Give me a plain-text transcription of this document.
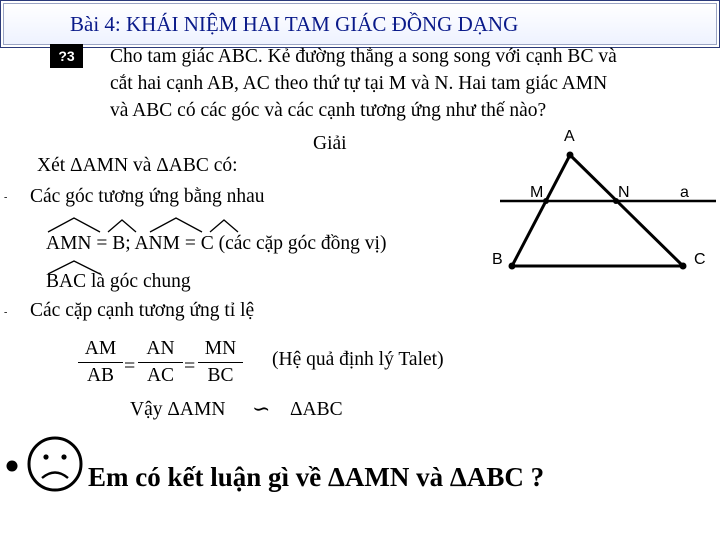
Bài 4: KHÁI NIỆM HAI TAM GIÁC ĐỒNG DẠNG
?3	Cho tam giác ABC. Kẻ đường thẳng a song song với cạnh BC và
cắt hai cạnh AB, AC theo thứ tự tại M và N. Hai tam giác AMN
và ABC có các góc và các cạnh tương ứng như thế nào?
Giải
Xét ΔAMN và ΔABC có:
- Các góc tương ứng bằng nhau
AMN = B; ANM = C (các cặp góc đồng vị)
BAC là góc chung
- Các cặp cạnh tương ứng tỉ lệ
$\frac{AM}{AB} = \frac{AN}{AC} = \frac{MN}{BC}$ (Hệ quả định lý Talet)
Vậy ΔAMN ∽ ΔABC
Em có kết luận gì về ΔAMN và ΔABC ?
A
M	N	a
B	C
